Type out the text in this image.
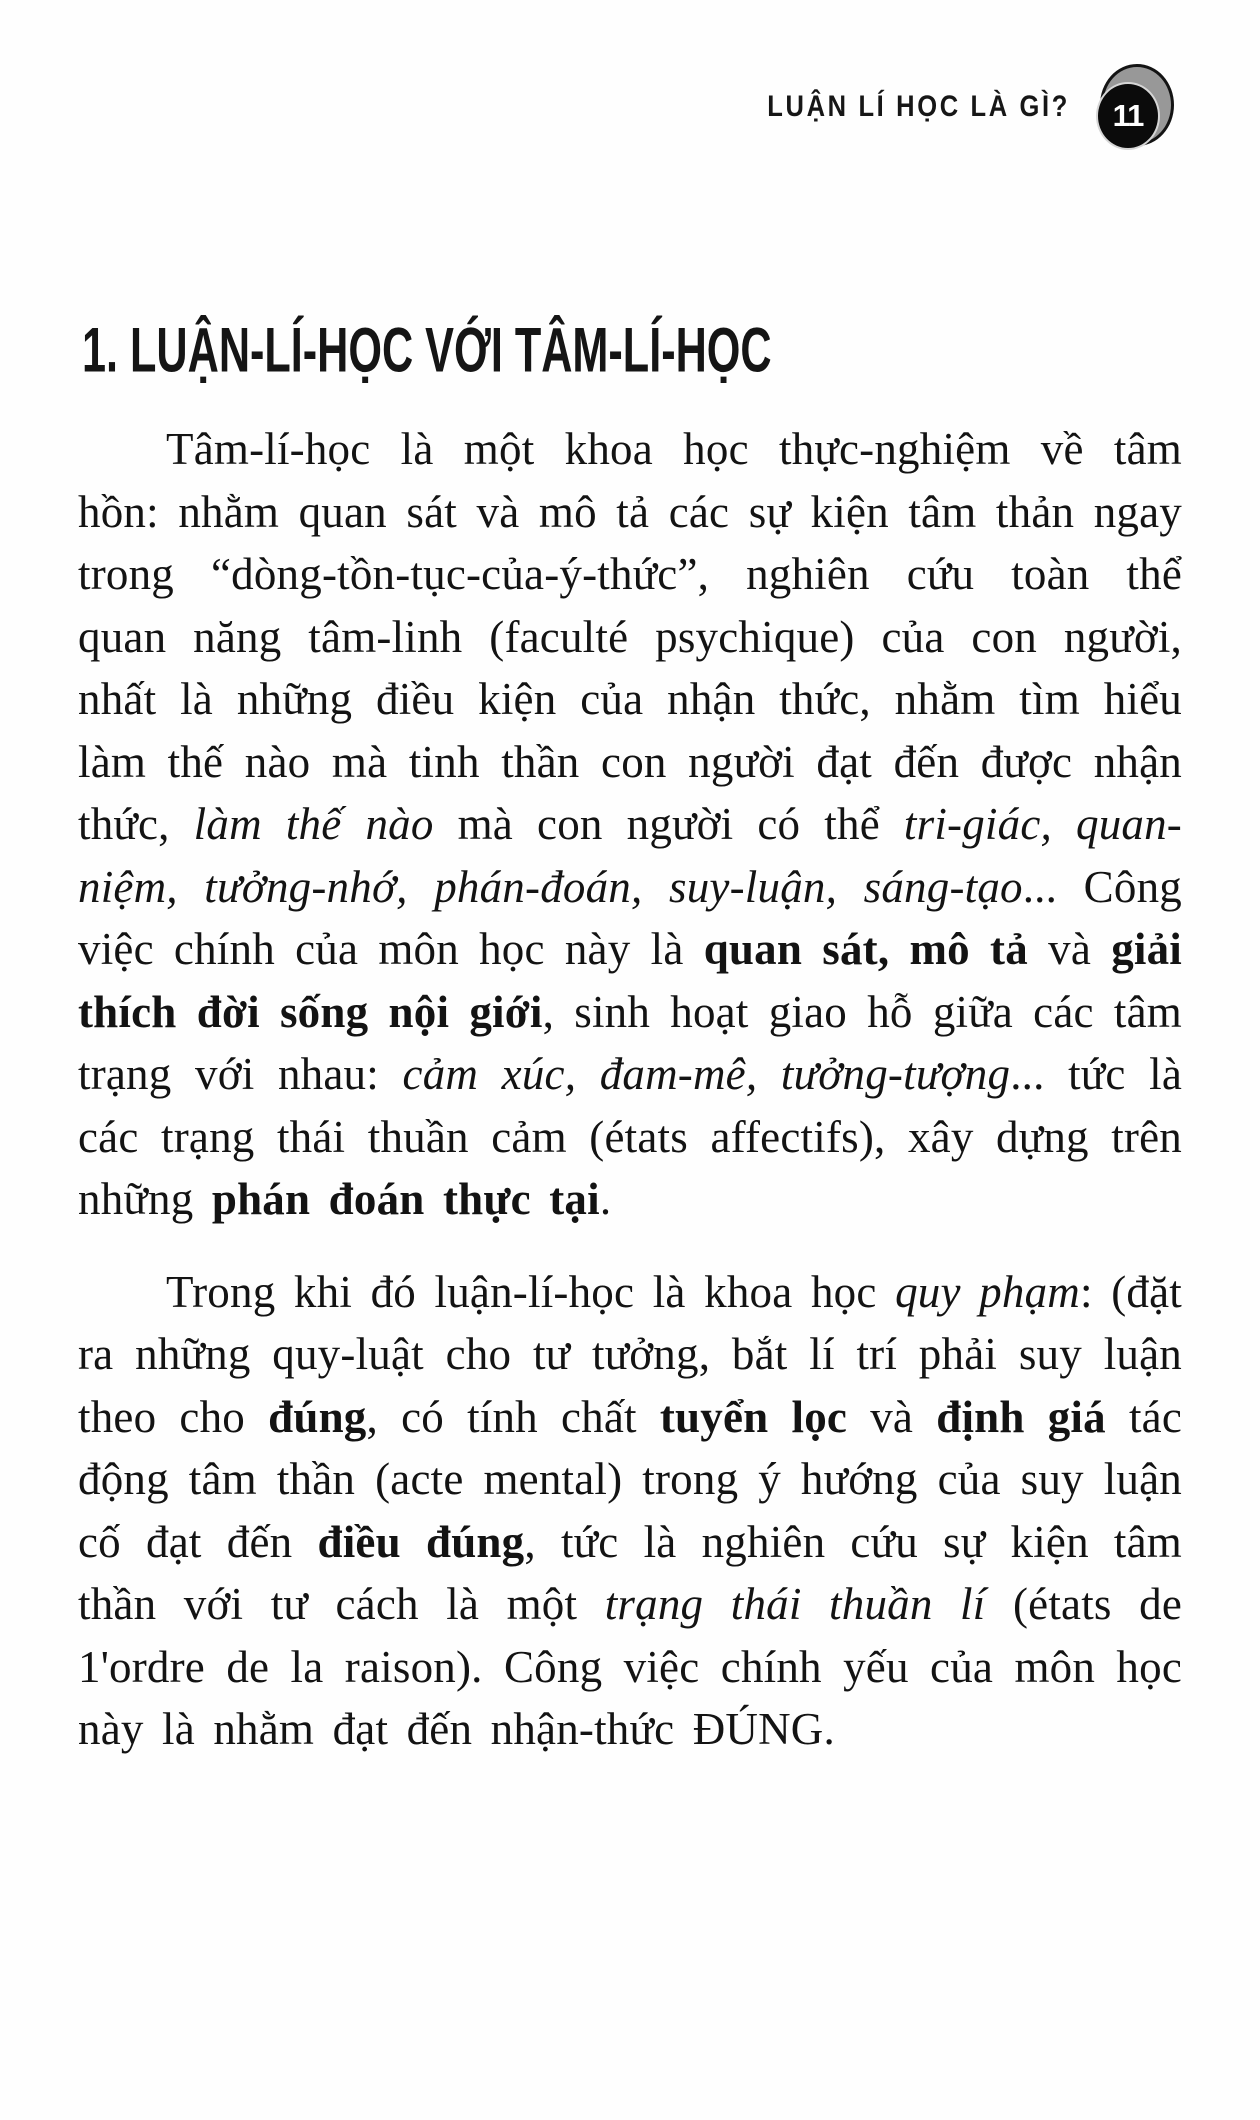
LUẬN LÍ HỌC LÀ GÌ? 11
1. LUẬN-LÍ-HỌC VỚI TÂM-LÍ-HỌC

Tâm-lí-học là một khoa học thực-nghiệm về tâm hồn: nhằm quan sát và mô tả các sự kiện tâm thản ngay trong “dòng-tồn-tục-của-ý-thức”, nghiên cứu toàn thể quan năng tâm-linh (faculté psychique) của con người, nhất là những điều kiện của nhận thức, nhằm tìm hiểu làm thế nào mà tinh thần con người đạt đến được nhận thức, làm thế nào mà con người có thể tri-giác, quan-niệm, tưởng-nhớ, phán-đoán, suy-luận, sáng-tạo... Công việc chính của môn học này là quan sát, mô tả và giải thích đời sống nội giới, sinh hoạt giao hỗ giữa các tâm trạng với nhau: cảm xúc, đam-mê, tưởng-tượng... tức là các trạng thái thuần cảm (états affectifs), xây dựng trên những phán đoán thực tại.

Trong khi đó luận-lí-học là khoa học quy phạm: (đặt ra những quy-luật cho tư tưởng, bắt lí trí phải suy luận theo cho đúng, có tính chất tuyển lọc và định giá tác động tâm thần (acte mental) trong ý hướng của suy luận cố đạt đến điều đúng, tức là nghiên cứu sự kiện tâm thần với tư cách là một trạng thái thuần lí (états de 1'ordre de la raison). Công việc chính yếu của môn học này là nhằm đạt đến nhận-thức ĐÚNG.
